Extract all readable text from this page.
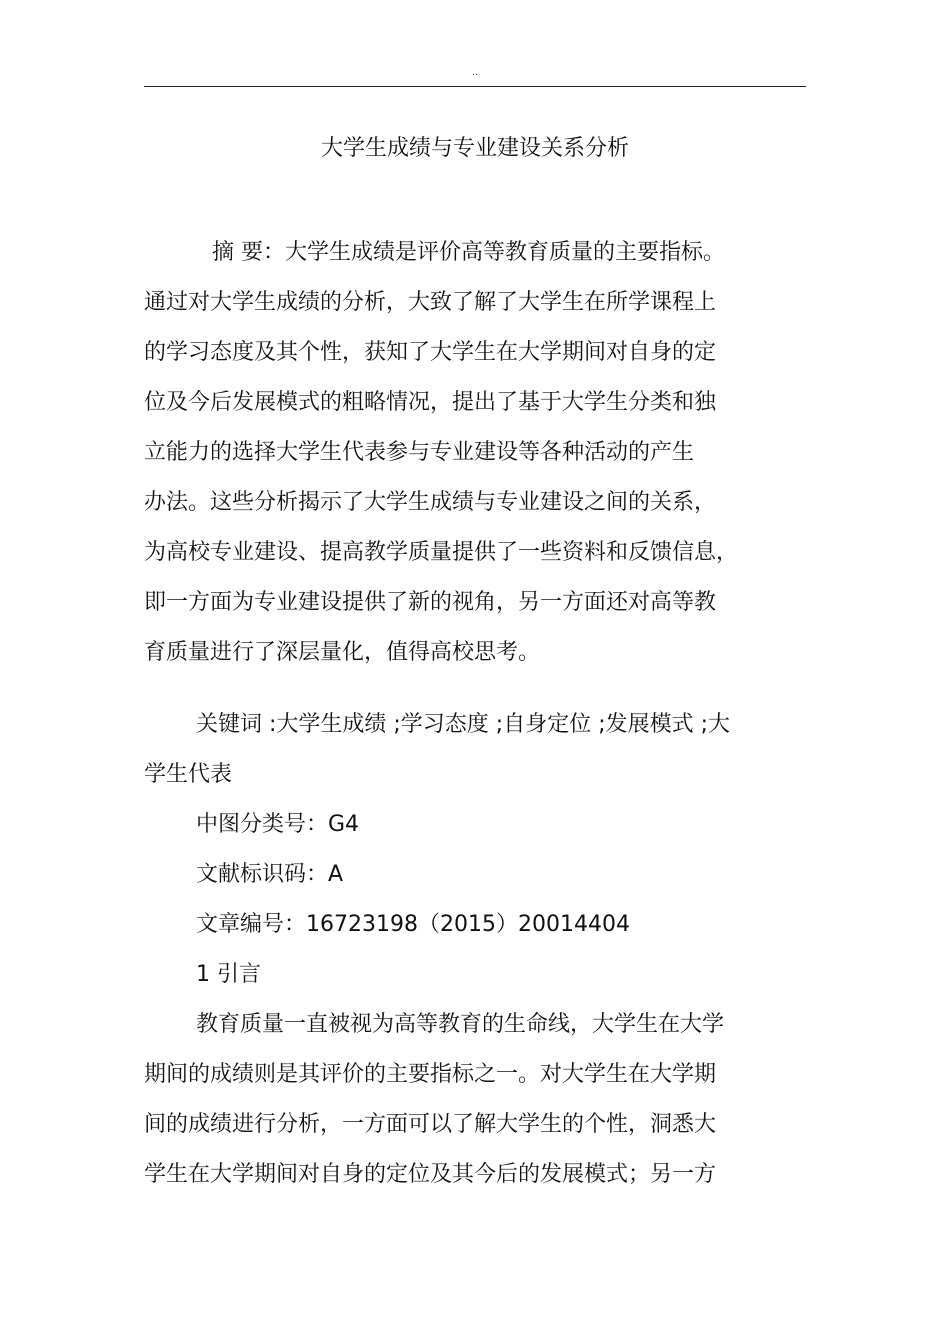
..
大学生成绩与专业建设关系分析
摘 要：大学生成绩是评价高等教育质量的主要指标。
通过对大学生成绩的分析，大致了解了大学生在所学课程上
的学习态度及其个性，获知了大学生在大学期间对自身的定
位及今后发展模式的粗略情况，提出了基于大学生分类和独
立能力的选择大学生代表参与专业建设等各种活动的产生
办法。这些分析揭示了大学生成绩与专业建设之间的关系，
为高校专业建设、提高教学质量提供了一些资料和反馈信息，
即一方面为专业建设提供了新的视角，另一方面还对高等教
育质量进行了深层量化，值得高校思考。
关键词 :大学生成绩 ;学习态度 ;自身定位 ;发展模式 ;大
学生代表
中图分类号：G4
文献标识码：A
文章编号：16723198（2015）20014404
1 引言
教育质量一直被视为高等教育的生命线，大学生在大学
期间的成绩则是其评价的主要指标之一。对大学生在大学期
间的成绩进行分析，一方面可以了解大学生的个性，洞悉大
学生在大学期间对自身的定位及其今后的发展模式；另一方
